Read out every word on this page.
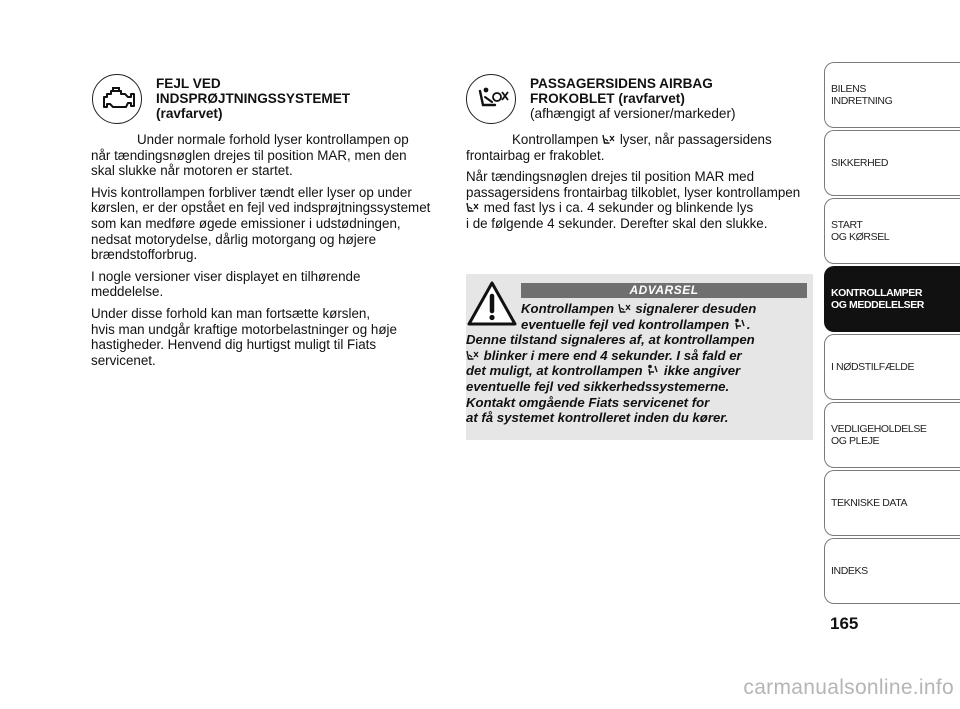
FEJL VED
INDSPRØJTNINGSSYSTEMET
(ravfarvet)

Under normale forhold lyser kontrollampen op
når tændingsnøglen drejes til position MAR, men den
skal slukke når motoren er startet.

Hvis kontrollampen forbliver tændt eller lyser op under
kørslen, er der opstået en fejl ved indsprøjtningssystemet
som kan medføre øgede emissioner i udstødningen,
nedsat motorydelse, dårlig motorgang og højere
brændstofforbrug.

I nogle versioner viser displayet en tilhørende
meddelelse.

Under disse forhold kan man fortsætte kørslen,
hvis man undgår kraftige motorbelastninger og høje
hastigheder. Henvend dig hurtigst muligt til Fiats
servicenet.

PASSAGERSIDENS AIRBAG
FROKOBLET (ravfarvet)
(afhængigt af versioner/markeder)

Kontrollampen lyser, når passagersidens
frontairbag er frakoblet.

Når tændingsnøglen drejes til position MAR med
passagersidens frontairbag tilkoblet, lyser kontrollampen
med fast lys i ca. 4 sekunder og blinkende lys
i de følgende 4 sekunder. Derefter skal den slukke.

ADVARSEL
Kontrollampen signalerer desuden
eventuelle fejl ved kontrollampen .
Denne tilstand signaleres af, at kontrollampen
blinker i mere end 4 sekunder. I så fald er
det muligt, at kontrollampen ikke angiver
eventuelle fejl ved sikkerhedssystemerne.
Kontakt omgående Fiats servicenet for
at få systemet kontrolleret inden du kører.
BILENS
INDRETNING
SIKKERHED
START
OG KØRSEL
KONTROLLAMPER
OG MEDDELELSER
I NØDSTILFÆLDE
VEDLIGEHOLDELSE
OG PLEJE
TEKNISKE DATA
INDEKS
165
carmanualsonline.info
